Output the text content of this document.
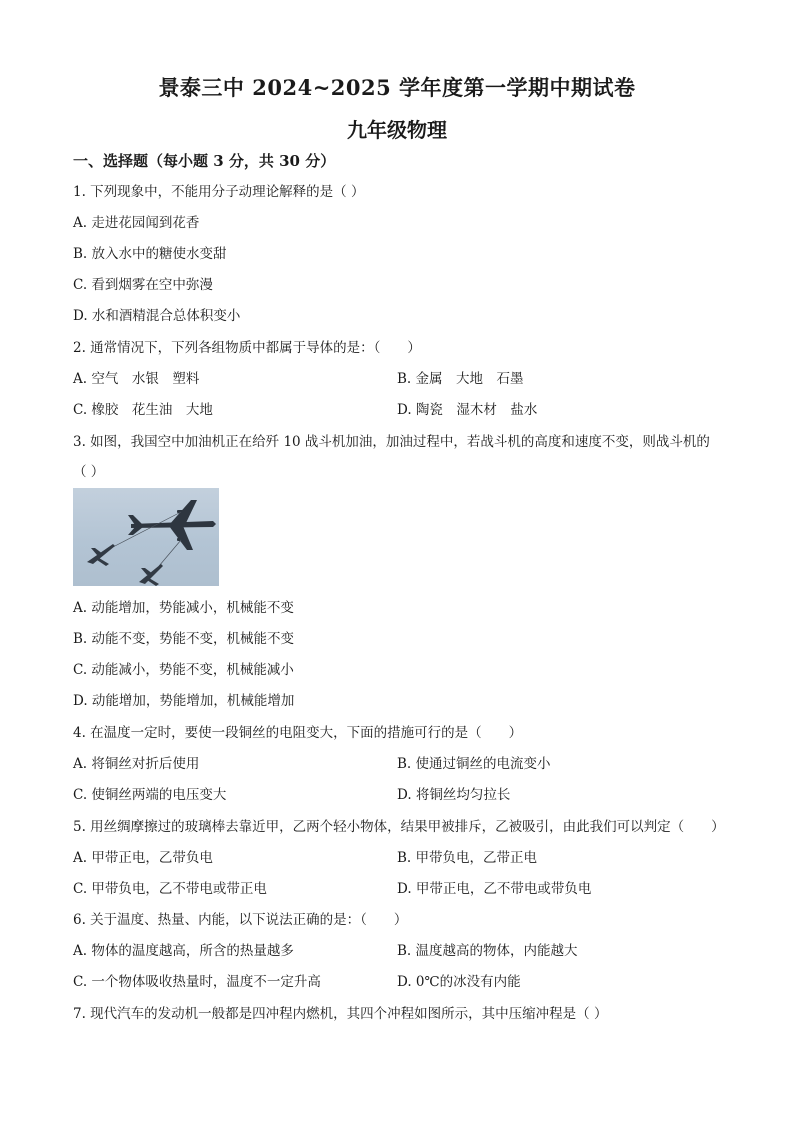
景泰三中 2024~2025 学年度第一学期中期试卷
九年级物理
一、选择题（每小题 3 分，共 30 分）
1. 下列现象中，不能用分子动理论解释的是（ ）
A. 走进花园闻到花香
B. 放入水中的糖使水变甜
C. 看到烟雾在空中弥漫
D. 水和酒精混合总体积变小
2. 通常情况下，下列各组物质中都属于导体的是：（　　）
A. 空气　水银　塑料	B. 金属　大地　石墨
C. 橡胶　花生油　大地	D. 陶瓷　湿木材　盐水
3. 如图，我国空中加油机正在给歼 10 战斗机加油，加油过程中，若战斗机的高度和速度不变，则战斗机的
（ ）
A. 动能增加，势能减小，机械能不变
B. 动能不变，势能不变，机械能不变
C. 动能减小，势能不变，机械能减小
D. 动能增加，势能增加，机械能增加
4. 在温度一定时，要使一段铜丝的电阻变大，下面的措施可行的是（　　）
A. 将铜丝对折后使用	B. 使通过铜丝的电流变小
C. 使铜丝两端的电压变大	D. 将铜丝均匀拉长
5. 用丝绸摩擦过的玻璃棒去靠近甲，乙两个轻小物体，结果甲被排斥，乙被吸引，由此我们可以判定（　　）
A. 甲带正电，乙带负电	B. 甲带负电，乙带正电
C. 甲带负电，乙不带电或带正电	D. 甲带正电，乙不带电或带负电
6. 关于温度、热量、内能，以下说法正确的是：（　　）
A. 物体的温度越高，所含的热量越多	B. 温度越高的物体，内能越大
C. 一个物体吸收热量时，温度不一定升高	D. 0℃的冰没有内能
7. 现代汽车的发动机一般都是四冲程内燃机，其四个冲程如图所示，其中压缩冲程是（ ）
